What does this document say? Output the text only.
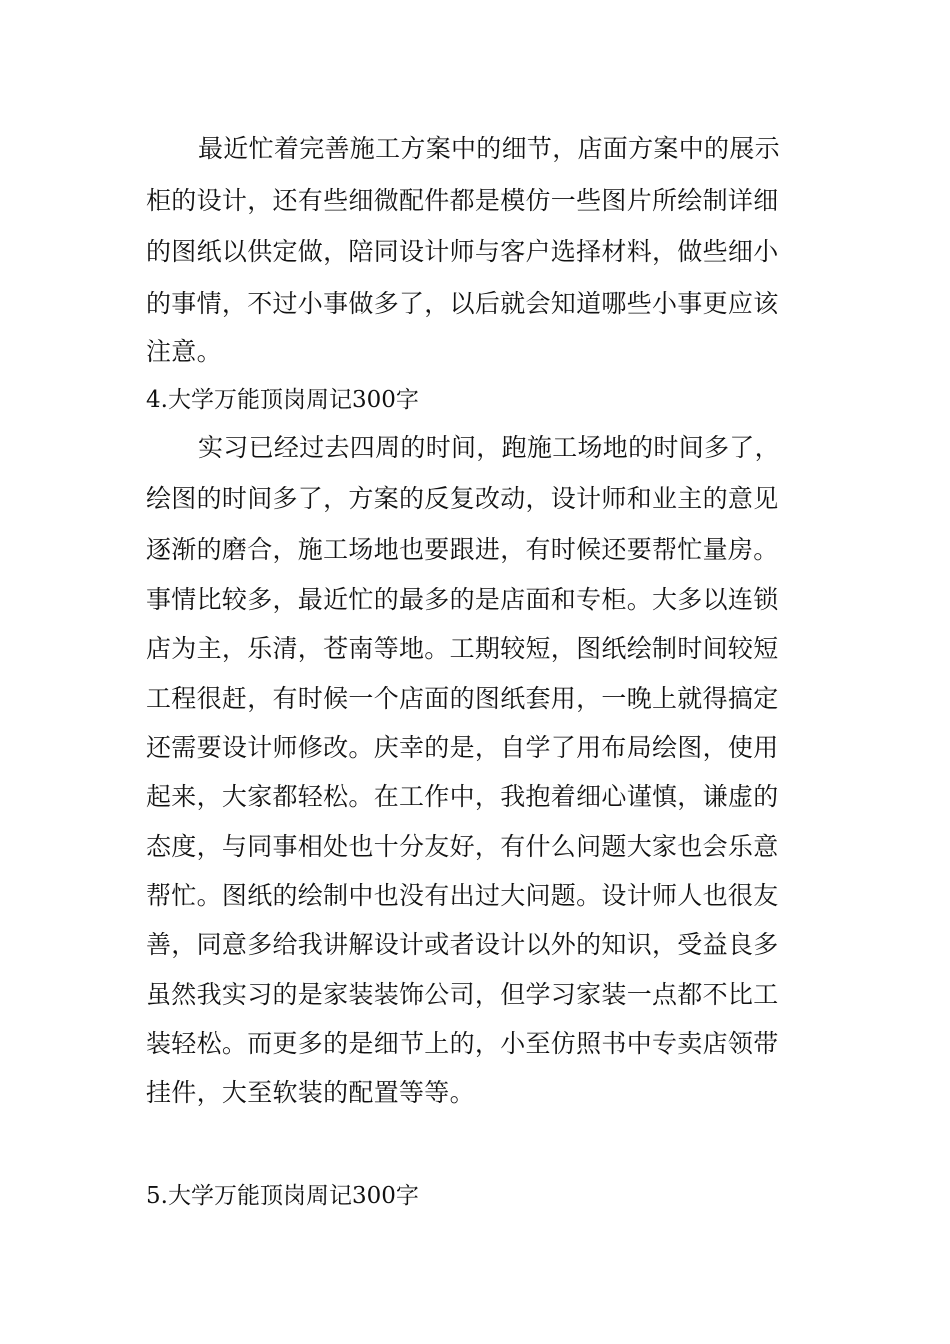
最近忙着完善施工方案中的细节，店面方案中的展示
柜的设计，还有些细微配件都是模仿一些图片所绘制详细
的图纸以供定做，陪同设计师与客户选择材料，做些细小
的事情，不过小事做多了，以后就会知道哪些小事更应该
注意。
4.大学万能顶岗周记300字
实习已经过去四周的时间，跑施工场地的时间多了，
绘图的时间多了，方案的反复改动，设计师和业主的意见
逐渐的磨合，施工场地也要跟进，有时候还要帮忙量房。
事情比较多，最近忙的最多的是店面和专柜。大多以连锁
店为主，乐清，苍南等地。工期较短，图纸绘制时间较短
工程很赶，有时候一个店面的图纸套用，一晚上就得搞定
还需要设计师修改。庆幸的是，自学了用布局绘图，使用
起来，大家都轻松。在工作中，我抱着细心谨慎，谦虚的
态度，与同事相处也十分友好，有什么问题大家也会乐意
帮忙。图纸的绘制中也没有出过大问题。设计师人也很友
善，同意多给我讲解设计或者设计以外的知识，受益良多
虽然我实习的是家装装饰公司，但学习家装一点都不比工
装轻松。而更多的是细节上的，小至仿照书中专卖店领带
挂件，大至软装的配置等等。
5.大学万能顶岗周记300字
